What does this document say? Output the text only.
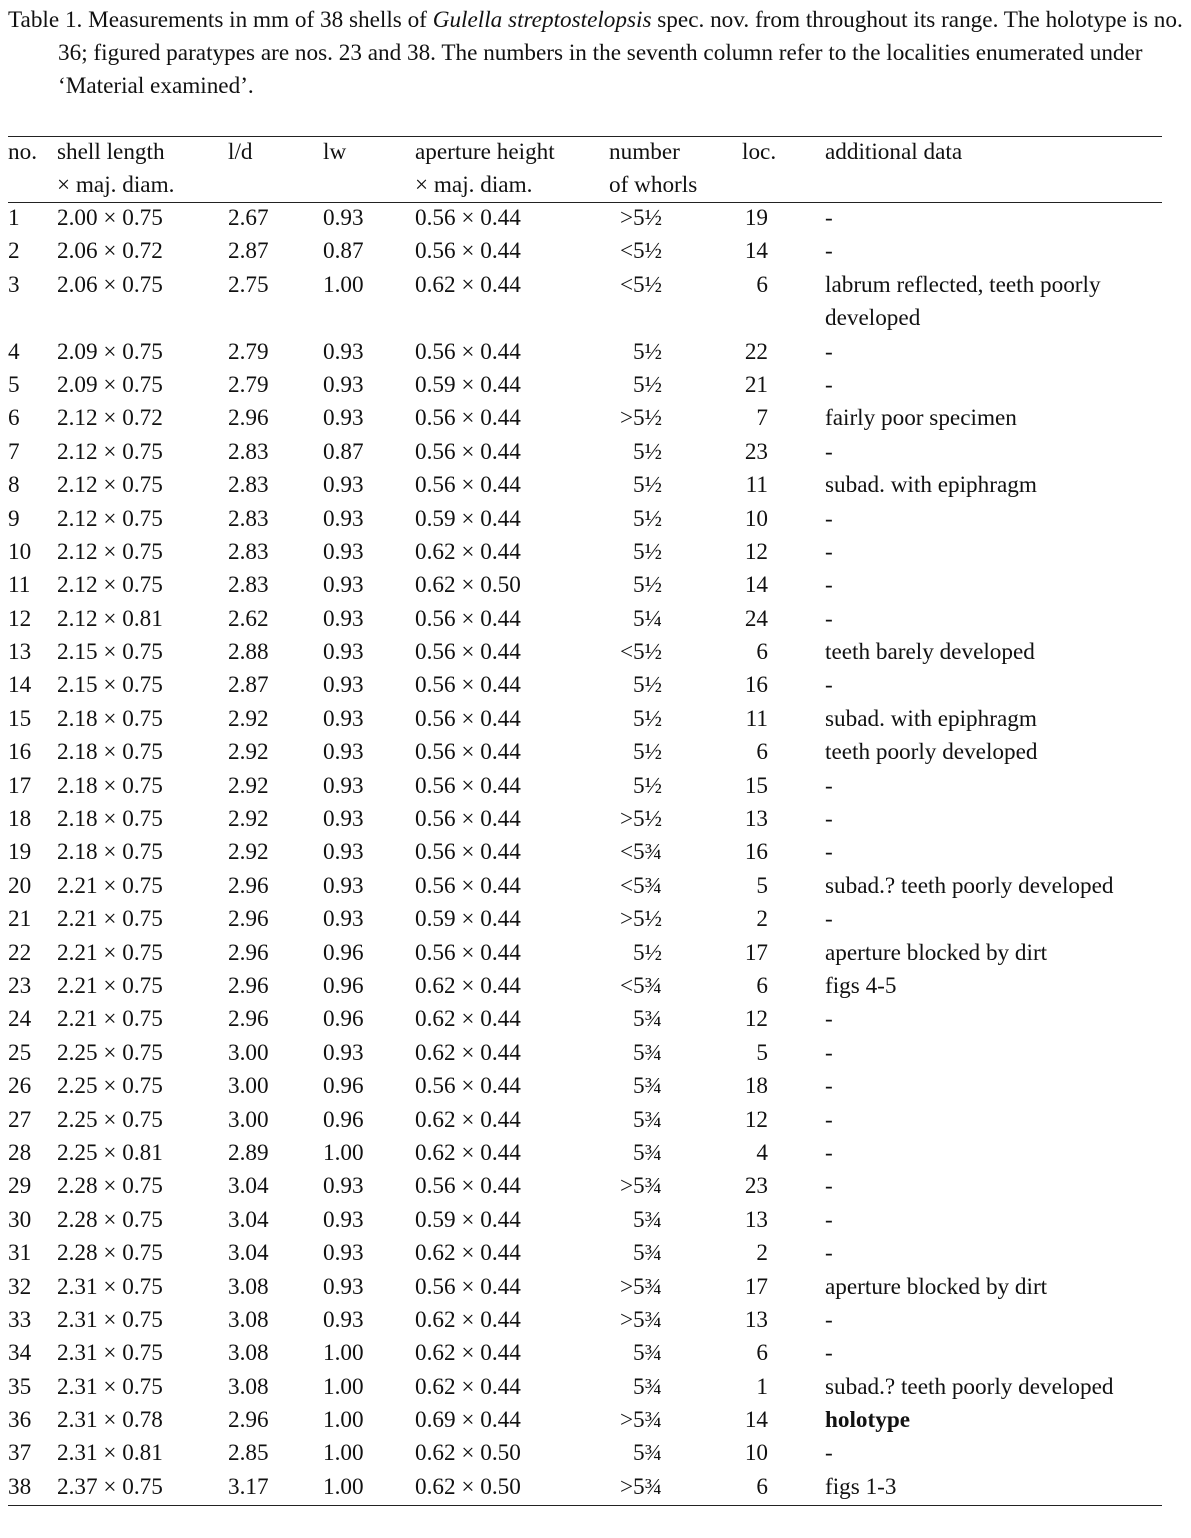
Table 1. Measurements in mm of 38 shells of Gulella streptostelopsis spec. nov. from throughout its range. The holotype is no. 36; figured paratypes are nos. 23 and 38. The numbers in the seventh column refer to the localities enumerated under ‘Material examined’.
no. shell length
× maj. diam.
l/d	lw	aperture height
× maj. diam.
number
of whorls
loc. additional data
1 2.00 × 0.75	2.67 0.93 0.56 × 0.44	>5½	19 -
2 2.06 × 0.72	2.87 0.87 0.56 × 0.44	<5½	14 -
3 2.06 × 0.75	2.75 1.00 0.62 × 0.44	<5½	6 labrum reflected, teeth poorly developed
4 2.09 × 0.75	2.79 0.93 0.56 × 0.44	5½	22 -
5 2.09 × 0.75	2.79 0.93 0.59 × 0.44	5½	21 -
6 2.12 × 0.72	2.96 0.93 0.56 × 0.44	>5½	7 fairly poor specimen
7 2.12 × 0.75	2.83 0.87 0.56 × 0.44	5½	23 -
8 2.12 × 0.75	2.83 0.93 0.56 × 0.44	5½	11 subad. with epiphragm
9 2.12 × 0.75	2.83 0.93 0.59 × 0.44	5½	10 -
10 2.12 × 0.75	2.83 0.93 0.62 × 0.44	5½	12 -
11 2.12 × 0.75	2.83 0.93 0.62 × 0.50	5½	14 -
12 2.12 × 0.81	2.62 0.93 0.56 × 0.44	5¼	24 -
13 2.15 × 0.75	2.88 0.93 0.56 × 0.44	<5½	6 teeth barely developed
14 2.15 × 0.75	2.87 0.93 0.56 × 0.44	5½	16 -
15 2.18 × 0.75	2.92 0.93 0.56 × 0.44	5½	11 subad. with epiphragm
16 2.18 × 0.75	2.92 0.93 0.56 × 0.44	5½	6 teeth poorly developed
17 2.18 × 0.75	2.92 0.93 0.56 × 0.44	5½	15 -
18 2.18 × 0.75	2.92 0.93 0.56 × 0.44	>5½	13 -
19 2.18 × 0.75	2.92 0.93 0.56 × 0.44	<5¾	16 -
20 2.21 × 0.75	2.96 0.93 0.56 × 0.44	<5¾	5 subad.? teeth poorly developed
21 2.21 × 0.75	2.96 0.93 0.59 × 0.44	>5½	2 -
22 2.21 × 0.75	2.96 0.96 0.56 × 0.44	5½	17 aperture blocked by dirt
23 2.21 × 0.75	2.96 0.96 0.62 × 0.44	<5¾	6 figs 4-5
24 2.21 × 0.75	2.96 0.96 0.62 × 0.44	5¾	12 -
25 2.25 × 0.75	3.00 0.93 0.62 × 0.44	5¾	5 -
26 2.25 × 0.75	3.00 0.96 0.56 × 0.44	5¾	18 -
27 2.25 × 0.75	3.00 0.96 0.62 × 0.44	5¾	12 -
28 2.25 × 0.81	2.89 1.00 0.62 × 0.44	5¾	4 -
29 2.28 × 0.75	3.04 0.93 0.56 × 0.44	>5¾	23 -
30 2.28 × 0.75	3.04 0.93 0.59 × 0.44	5¾	13 -
31 2.28 × 0.75	3.04 0.93 0.62 × 0.44	5¾	2 -
32 2.31 × 0.75	3.08 0.93 0.56 × 0.44	>5¾	17 aperture blocked by dirt
33 2.31 × 0.75	3.08 0.93 0.62 × 0.44	>5¾	13 -
34 2.31 × 0.75	3.08 1.00 0.62 × 0.44	5¾	6 -
35 2.31 × 0.75	3.08 1.00 0.62 × 0.44	5¾	1 subad.? teeth poorly developed
36 2.31 × 0.78	2.96 1.00 0.69 × 0.44	>5¾	14 holotype
37 2.31 × 0.81	2.85 1.00 0.62 × 0.50	5¾	10 -
38 2.37 × 0.75	3.17 1.00 0.62 × 0.50	>5¾	6 figs 1-3
